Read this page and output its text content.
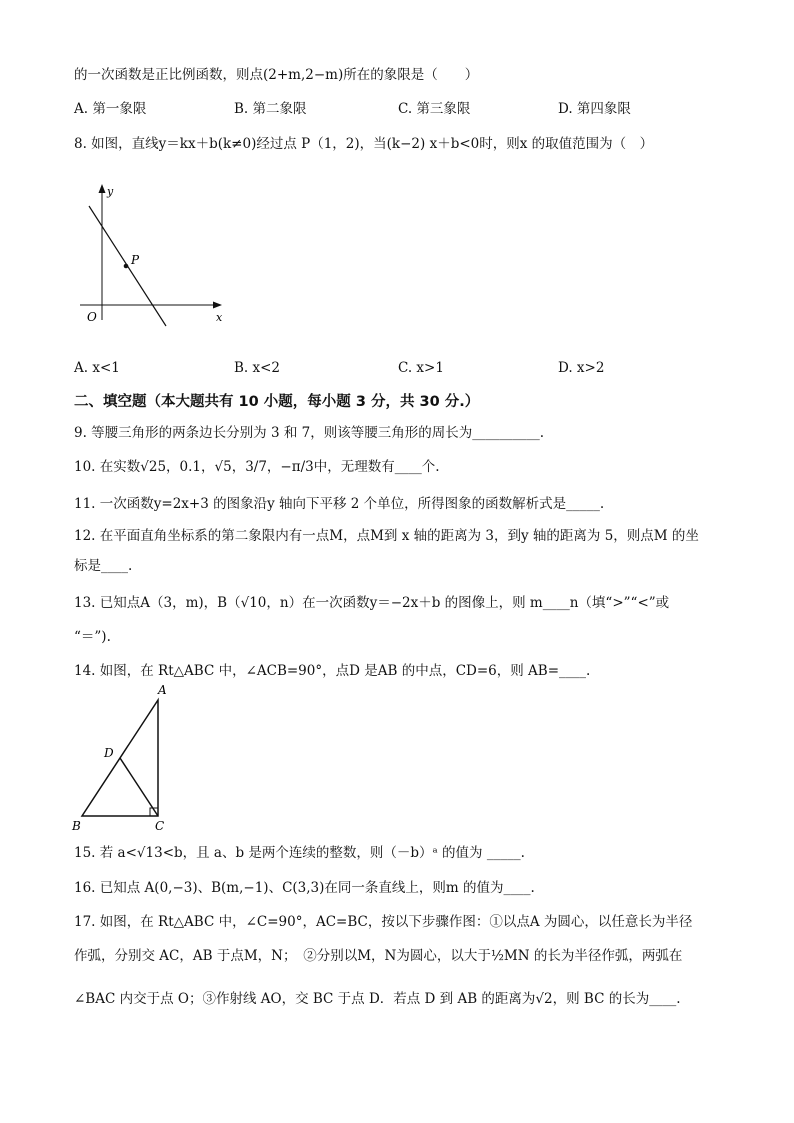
的一次函数是正比例函数，则点(2+m,2−m)所在的象限是（　　）
A. 第一象限	B. 第二象限	C. 第三象限	D. 第四象限
8. 如图，直线y＝kx＋b(k≠0)经过点 P（1，2)，当(k−2) x＋b<0时，则x 的取值范围为（　）
y
x
O
P
A. x<1	B. x<2	C. x>1	D. x>2
二、填空题（本大题共有 10 小题，每小题 3 分，共 30 分.）
9. 等腰三角形的两条边长分别为 3 和 7，则该等腰三角形的周长为__________.
10. 在实数√25，0.1，√5，3/7，−π/3中，无理数有____个.
11. 一次函数y=2x+3 的图象沿y 轴向下平移 2 个单位，所得图象的函数解析式是_____.
12. 在平面直角坐标系的第二象限内有一点M，点M到 x 轴的距离为 3，到y 轴的距离为 5，则点M 的坐
标是____.
13. 已知点A（3，m)，B（√10，n）在一次函数y＝−2x＋b 的图像上，则 m____n（填“>”“<”或
“＝”).
14. 如图，在 Rt△ABC 中，∠ACB=90°，点D 是AB 的中点，CD=6，则 AB=____.
A
B	C
D
15. 若 a<√13<b，且 a、b 是两个连续的整数，则（－b）ᵃ 的值为 _____.
16. 已知点 A(0,−3)、B(m,−1)、C(3,3)在同一条直线上，则m 的值为____.
17. 如图，在 Rt△ABC 中，∠C=90°，AC=BC，按以下步骤作图：①以点A 为圆心，以任意长为半径
作弧，分别交 AC，AB 于点M，N；　②分别以M，N为圆心，以大于½MN 的长为半径作弧，两弧在
∠BAC 内交于点 O；③作射线 AO，交 BC 于点 D．若点 D 到 AB 的距离为√2，则 BC 的长为____.
